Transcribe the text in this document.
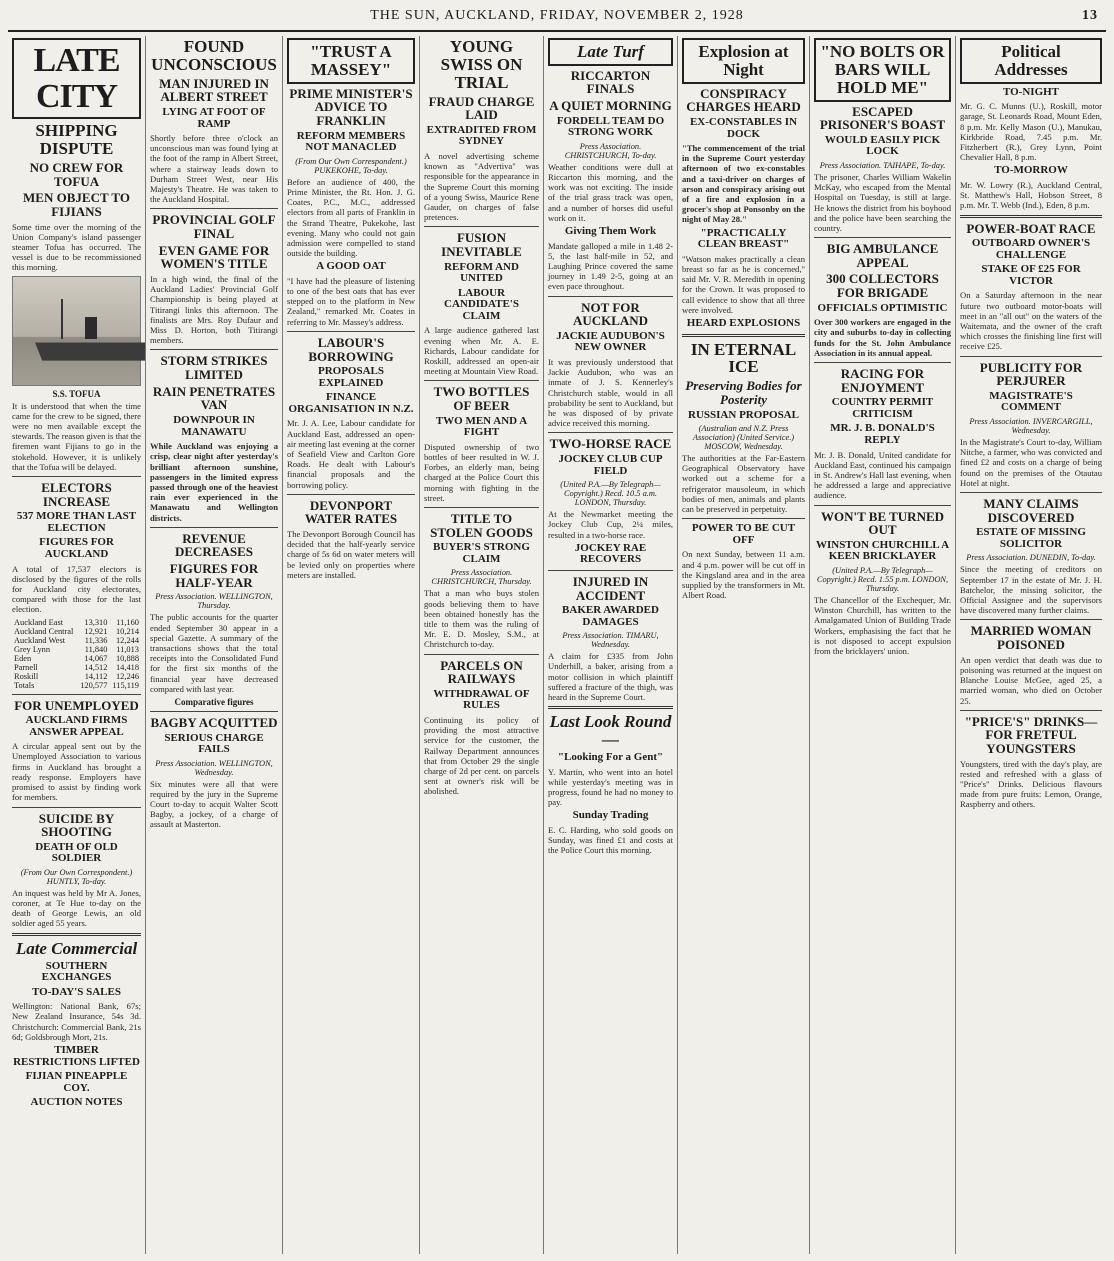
THE SUN, AUCKLAND, FRIDAY, NOVEMBER 2, 1928	13
LATE CITY
SHIPPING DISPUTE
NO CREW FOR TOFUA
MEN OBJECT TO FIJIANS
Some time over the morning of the Union Company's island passenger steamer Tofua has occurred. The vessel is due to be recommissioned this morning.
S.S. TOFUA
It is understood that when the time came for the crew to be signed, there were no men available except the stewards. The reason given is that the firemen want Fijians to go in the stokehold. However, it is unlikely that the Tofua will be delayed.
ELECTORS INCREASE
537 MORE THAN LAST ELECTION
FIGURES FOR AUCKLAND
A total of 17,537 electors is disclosed by the figures of the rolls for Auckland city electorates, compared with those for the last election.
Auckland East	13,310	11,160
Auckland Central	12,921	10,214
Auckland West	11,336	12,244
Grey Lynn	11,840	11,013
Eden	14,067	10,888
Parnell	14,512	14,418
Roskill	14,112	12,246
Totals	120,577	115,119
FOR UNEMPLOYED
AUCKLAND FIRMS ANSWER APPEAL
A circular appeal sent out by the Unemployed Association to various firms in Auckland has brought a ready response. Employers have promised to assist by finding work for members.
SUICIDE BY SHOOTING
DEATH OF OLD SOLDIER
(From Our Own Correspondent.) HUNTLY, To-day.
An inquest was held by Mr A. Jones, coroner, at Te Hue to-day on the death of George Lewis, an old soldier aged 55 years.
Late Commercial
SOUTHERN EXCHANGES
TO-DAY'S SALES
Wellington: National Bank, 67s; New Zealand Insurance, 54s 3d. Christchurch: Commercial Bank, 21s 6d; Goldsbrough Mort, 21s.
TIMBER RESTRICTIONS LIFTED
FIJIAN PINEAPPLE COY.
AUCTION NOTES
FOUND UNCONSCIOUS
MAN INJURED IN ALBERT STREET
LYING AT FOOT OF RAMP
Shortly before three o'clock an unconscious man was found lying at the foot of the ramp in Albert Street, where a stairway leads down to Durham Street West, near His Majesty's Theatre. He was taken to the Auckland Hospital.
PROVINCIAL GOLF FINAL
EVEN GAME FOR WOMEN'S TITLE
In a high wind, the final of the Auckland Ladies' Provincial Golf Championship is being played at Titirangi links this afternoon. The finalists are Mrs. Roy Dufaur and Miss D. Horton, both Titirangi members.
STORM STRIKES LIMITED
RAIN PENETRATES VAN
DOWNPOUR IN MANAWATU
While Auckland was enjoying a crisp, clear night after yesterday's brilliant afternoon sunshine, passengers in the limited express passed through one of the heaviest rain ever experienced in the Manawatu and Wellington districts.
REVENUE DECREASES
FIGURES FOR HALF-YEAR
Press Association. WELLINGTON, Thursday.
The public accounts for the quarter ended September 30 appear in a special Gazette. A summary of the transactions shows that the total receipts into the Consolidated Fund for the first six months of the financial year have decreased compared with last year.
Comparative figures
BAGBY ACQUITTED
SERIOUS CHARGE FAILS
Press Association. WELLINGTON, Wednesday.
Six minutes were all that were required by the jury in the Supreme Court to-day to acquit Walter Scott Bagby, a jockey, of a charge of assault at Masterton.
"TRUST A MASSEY"
PRIME MINISTER'S ADVICE TO FRANKLIN
REFORM MEMBERS NOT MANACLED
(From Our Own Correspondent.) PUKEKOHE, To-day.
Before an audience of 400, the Prime Minister, the Rt. Hon. J. G. Coates, P.C., M.C., addressed electors from all parts of Franklin in the Strand Theatre, Pukekohe, last evening. Many who could not gain admission were compelled to stand outside the building.
A GOOD OAT
"I have had the pleasure of listening to one of the best oats that has ever stepped on to the platform in New Zealand," remarked Mr. Coates in referring to Mr. Massey's address.
LABOUR'S BORROWING
PROPOSALS EXPLAINED
FINANCE ORGANISATION IN N.Z.
Mr. J. A. Lee, Labour candidate for Auckland East, addressed an open-air meeting last evening at the corner of Seafield View and Carlton Gore Roads. He dealt with Labour's financial proposals and the borrowing policy.
DEVONPORT WATER RATES
The Devonport Borough Council has decided that the half-yearly service charge of 5s 6d on water meters will be levied only on properties where meters are installed.
YOUNG SWISS ON TRIAL
FRAUD CHARGE LAID
EXTRADITED FROM SYDNEY
A novel advertising scheme known as "Advertiva" was responsible for the appearance in the Supreme Court this morning of a young Swiss, Maurice Rene Gauder, on charges of false pretences.
FUSION INEVITABLE
REFORM AND UNITED
LABOUR CANDIDATE'S CLAIM
A large audience gathered last evening when Mr. A. E. Richards, Labour candidate for Roskill, addressed an open-air meeting at Mountain View Road.
TWO BOTTLES OF BEER
TWO MEN AND A FIGHT
Disputed ownership of two bottles of beer resulted in W. J. Forbes, an elderly man, being charged at the Police Court this morning with fighting in the street.
TITLE TO STOLEN GOODS
BUYER'S STRONG CLAIM
Press Association. CHRISTCHURCH, Thursday.
That a man who buys stolen goods believing them to have been obtained honestly has the title to them was the ruling of Mr. E. D. Mosley, S.M., at Christchurch to-day.
PARCELS ON RAILWAYS
WITHDRAWAL OF RULES
Continuing its policy of providing the most attractive service for the customer, the Railway Department announces that from October 29 the single charge of 2d per cent. on parcels sent at owner's risk will be abolished.
Late Turf
RICCARTON FINALS
A QUIET MORNING
FORDELL TEAM DO STRONG WORK
Press Association. CHRISTCHURCH, To-day.
Weather conditions were dull at Riccarton this morning, and the work was not exciting. The inside of the trial grass track was open, and a number of horses did useful work on it.
Giving Them Work
Mandate galloped a mile in 1.48 2-5, the last half-mile in 52, and Laughing Prince covered the same journey in 1.49 2-5, going at an even pace throughout.
NOT FOR AUCKLAND
JACKIE AUDUBON'S NEW OWNER
It was previously understood that Jackie Audubon, who was an inmate of J. S. Kennerley's Christchurch stable, would in all probability be sent to Auckland, but he was disposed of by private advice received this morning.
TWO-HORSE RACE
JOCKEY CLUB CUP FIELD
(United P.A.—By Telegraph—Copyright.) Recd. 10.5 a.m. LONDON, Thursday.
At the Newmarket meeting the Jockey Club Cup, 2¼ miles, resulted in a two-horse race.
JOCKEY RAE RECOVERS
INJURED IN ACCIDENT
BAKER AWARDED DAMAGES
Press Association. TIMARU, Wednesday.
A claim for £335 from John Underhill, a baker, arising from a motor collision in which plaintiff suffered a fracture of the thigh, was heard in the Supreme Court.
Last Look Round—
"Looking For a Gent"
Y. Martin, who went into an hotel while yesterday's meeting was in progress, found he had no money to pay.
Sunday Trading
E. C. Harding, who sold goods on Sunday, was fined £1 and costs at the Police Court this morning.
Explosion at Night
CONSPIRACY CHARGES HEARD
EX-CONSTABLES IN DOCK
"The commencement of the trial in the Supreme Court yesterday afternoon of two ex-constables and a taxi-driver on charges of arson and conspiracy arising out of a fire and explosion in a grocer's shop at Ponsonby on the night of May 28."
"PRACTICALLY CLEAN BREAST"
"Watson makes practically a clean breast so far as he is concerned," said Mr. V. R. Meredith in opening for the Crown. It was proposed to call evidence to show that all three were involved.
HEARD EXPLOSIONS
IN ETERNAL ICE
Preserving Bodies for Posterity
RUSSIAN PROPOSAL
(Australian and N.Z. Press Association) (United Service.) MOSCOW, Wednesday.
The authorities at the Far-Eastern Geographical Observatory have worked out a scheme for a refrigerator mausoleum, in which bodies of men, animals and plants can be preserved in perpetuity.
POWER TO BE CUT OFF
On next Sunday, between 11 a.m. and 4 p.m. power will be cut off in the Kingsland area and in the area supplied by the transformers in Mt. Albert Road.
"NO BOLTS OR BARS WILL HOLD ME"
ESCAPED PRISONER'S BOAST
WOULD EASILY PICK LOCK
Press Association. TAIHAPE, To-day.
The prisoner, Charles William Wakelin McKay, who escaped from the Mental Hospital on Tuesday, is still at large. He knows the district from his boyhood and the police have been searching the country.
BIG AMBULANCE APPEAL
300 COLLECTORS FOR BRIGADE
OFFICIALS OPTIMISTIC
Over 300 workers are engaged in the city and suburbs to-day in collecting funds for the St. John Ambulance Association in its annual appeal.
RACING FOR ENJOYMENT
COUNTRY PERMIT CRITICISM
MR. J. B. DONALD'S REPLY
Mr. J. B. Donald, United candidate for Auckland East, continued his campaign in St. Andrew's Hall last evening, when he addressed a large and appreciative audience.
WON'T BE TURNED OUT
WINSTON CHURCHILL A KEEN BRICKLAYER
(United P.A.—By Telegraph—Copyright.) Recd. 1.55 p.m. LONDON, Thursday.
The Chancellor of the Exchequer, Mr. Winston Churchill, has written to the Amalgamated Union of Building Trade Workers, emphasising the fact that he is not disposed to accept expulsion from the bricklayers' union.
Political Addresses
TO-NIGHT
Mr. G. C. Munns (U.), Roskill, motor garage, St. Leonards Road, Mount Eden, 8 p.m. Mr. Kelly Mason (U.), Manukau, Kirkbride Road, 7.45 p.m. Mr. Fitzherbert (R.), Grey Lynn, Point Chevalier Hall, 8 p.m.
TO-MORROW
Mr. W. Lowry (R.), Auckland Central, St. Matthew's Hall, Hobson Street, 8 p.m. Mr. T. Webb (Ind.), Eden, 8 p.m.
POWER-BOAT RACE
OUTBOARD OWNER'S CHALLENGE
STAKE OF £25 FOR VICTOR
On a Saturday afternoon in the near future two outboard motor-boats will meet in an "all out" on the waters of the Waitemata, and the owner of the craft which crosses the finishing line first will receive £25.
PUBLICITY FOR PERJURER
MAGISTRATE'S COMMENT
Press Association. INVERCARGILL, Wednesday.
In the Magistrate's Court to-day, William Nitche, a farmer, who was convicted and fined £2 and costs on a charge of being found on the premises of the Otautau Hotel at night.
MANY CLAIMS DISCOVERED
ESTATE OF MISSING SOLICITOR
Press Association. DUNEDIN, To-day.
Since the meeting of creditors on September 17 in the estate of Mr. J. H. Batchelor, the missing solicitor, the Official Assignee and the supervisors have discovered many further claims.
MARRIED WOMAN POISONED
An open verdict that death was due to poisoning was returned at the inquest on Blanche Louise McGee, aged 25, a married woman, who died on October 25.
"PRICE'S" DRINKS—FOR FRETFUL YOUNGSTERS
Youngsters, tired with the day's play, are rested and refreshed with a glass of "Price's" Drinks. Delicious flavours made from pure fruits: Lemon, Orange, Raspberry and others.
